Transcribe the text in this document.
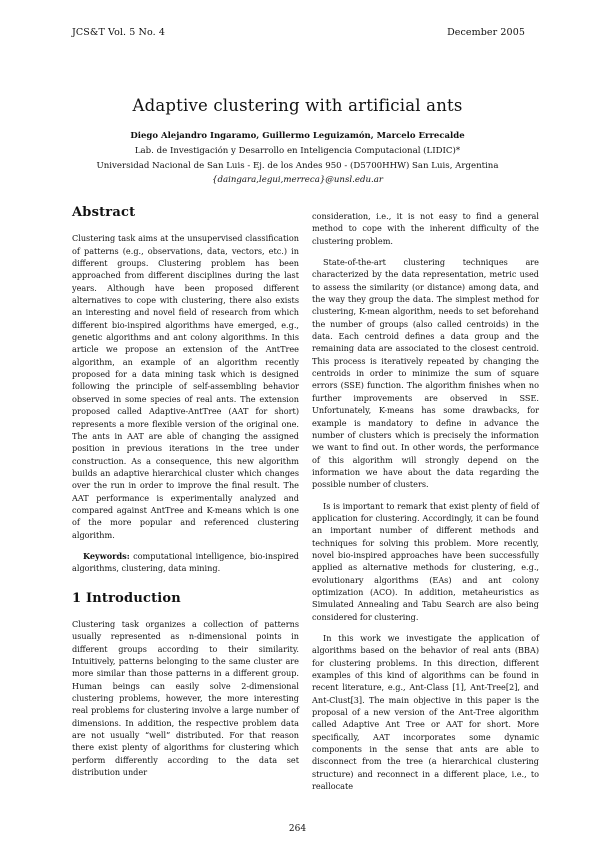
JCS&T Vol. 5 No. 4	December 2005
Adaptive clustering with artificial ants
Diego Alejandro Ingaramo, Guillermo Leguizamón, Marcelo Errecalde
Lab. de Investigación y Desarrollo en Inteligencia Computacional (LIDIC)*
Universidad Nacional de San Luis - Ej. de los Andes 950 - (D5700HHW) San Luis, Argentina
{daingara,legui,merreca}@unsl.edu.ar
Abstract

Clustering task aims at the unsupervised classification of patterns (e.g., observations, data, vectors, etc.) in different groups. Clustering problem has been approached from different disciplines during the last years. Although have been proposed different alternatives to cope with clustering, there also exists an interesting and novel field of research from which different bio-inspired algorithms have emerged, e.g., genetic algorithms and ant colony algorithms. In this article we propose an extension of the AntTree algorithm, an example of an algorithm recently proposed for a data mining task which is designed following the principle of self-assembling behavior observed in some species of real ants. The extension proposed called Adaptive-AntTree (AAT for short) represents a more flexible version of the original one. The ants in AAT are able of changing the assigned position in previous iterations in the tree under construction. As a consequence, this new algorithm builds an adaptive hierarchical cluster which changes over the run in order to improve the final result. The AAT performance is experimentally analyzed and compared against AntTree and K-means which is one of the more popular and referenced clustering algorithm.

Keywords: computational intelligence, bio-inspired algorithms, clustering, data mining.

1 Introduction

Clustering task organizes a collection of patterns usually represented as n-dimensional points in different groups according to their similarity. Intuitively, patterns belonging to the same cluster are more similar than those patterns in a different group. Human beings can easily solve 2-dimensional clustering problems, however, the more interesting real problems for clustering involve a large number of dimensions. In addition, the respective problem data are not usually “well” distributed. For that reason there exist plenty of algorithms for clustering which perform differently according to the data set distribution under

consideration, i.e., it is not easy to find a general method to cope with the inherent difficulty of the clustering problem.

State-of-the-art clustering techniques are characterized by the data representation, metric used to assess the similarity (or distance) among data, and the way they group the data. The simplest method for clustering, K-mean algorithm, needs to set beforehand the number of groups (also called centroids) in the data. Each centroid defines a data group and the remaining data are associated to the closest centroid. This process is iteratively repeated by changing the centroids in order to minimize the sum of square errors (SSE) function. The algorithm finishes when no further improvements are observed in SSE. Unfortunately, K-means has some drawbacks, for example is mandatory to define in advance the number of clusters which is precisely the information we want to find out. In other words, the performance of this algorithm will strongly depend on the information we have about the data regarding the possible number of clusters.

Is is important to remark that exist plenty of field of application for clustering. Accordingly, it can be found an important number of different methods and techniques for solving this problem. More recently, novel bio-inspired approaches have been successfully applied as alternative methods for clustering, e.g., evolutionary algorithms (EAs) and ant colony optimization (ACO). In addition, metaheuristics as Simulated Annealing and Tabu Search are also being considered for clustering.

In this work we investigate the application of algorithms based on the behavior of real ants (BBA) for clustering problems. In this direction, different examples of this kind of algorithms can be found in recent literature, e.g., Ant-Class [1], Ant-Tree[2], and Ant-Clust[3]. The main objective in this paper is the proposal of a new version of the Ant-Tree algorithm called Adaptive Ant Tree or AAT for short. More specifically, AAT incorporates some dynamic components in the sense that ants are able to disconnect from the tree (a hierarchical clustering structure) and reconnect in a different place, i.e., to reallocate

264
